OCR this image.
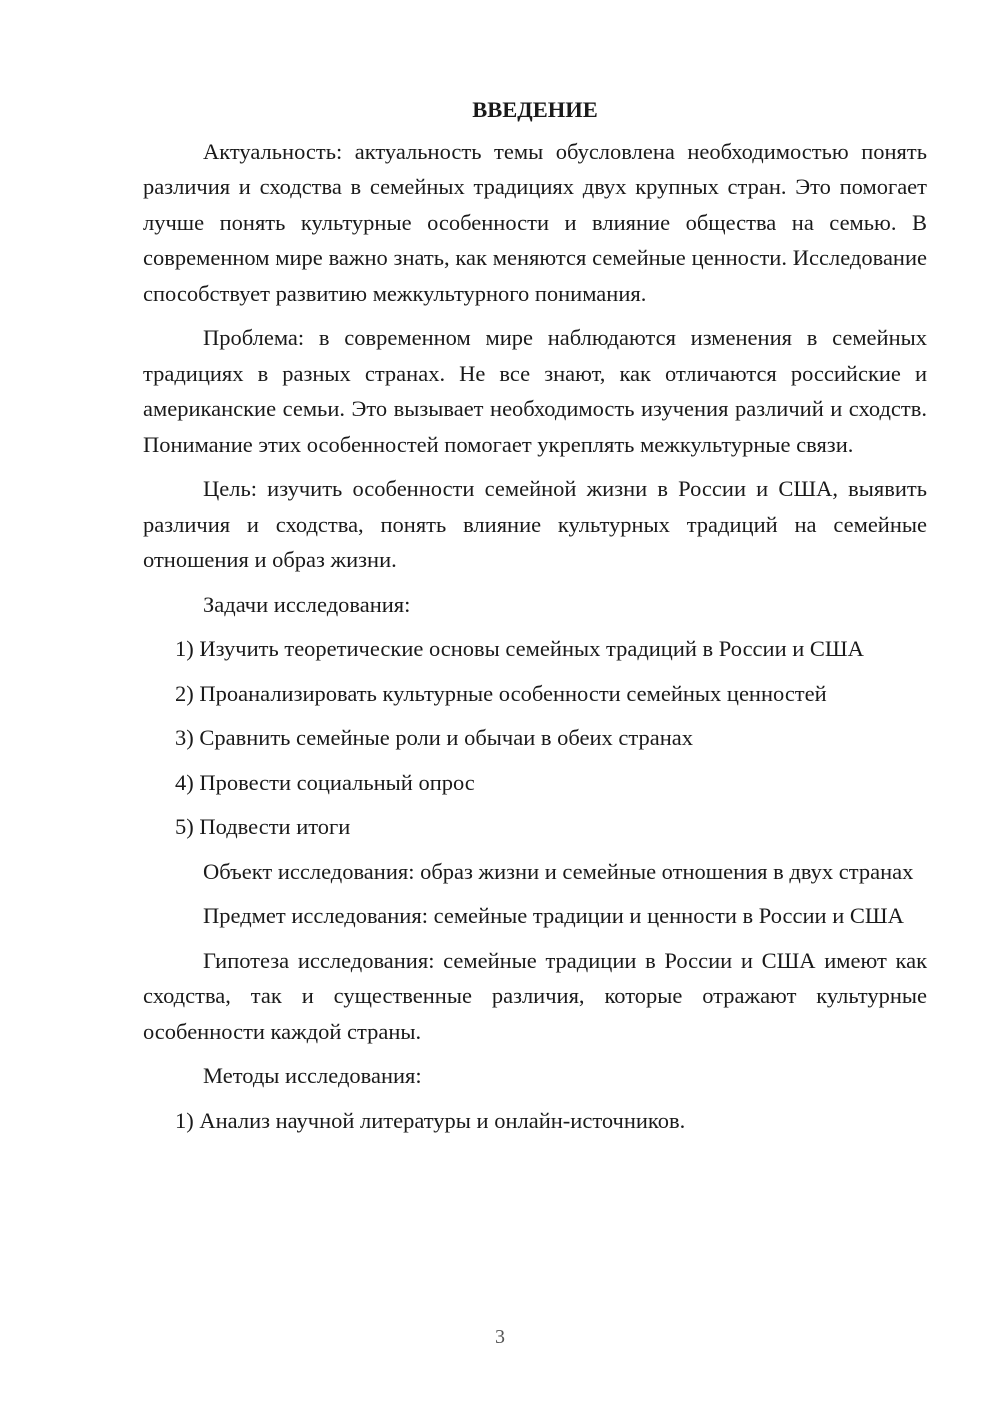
ВВЕДЕНИЕ

Актуальность: актуальность темы обусловлена необходимостью понять различия и сходства в семейных традициях двух крупных стран. Это помогает лучше понять культурные особенности и влияние общества на семью. В современном мире важно знать, как меняются семейные ценности. Исследование способствует развитию межкультурного понимания.

Проблема: в современном мире наблюдаются изменения в семейных традициях в разных странах. Не все знают, как отличаются российские и американские семьи. Это вызывает необходимость изучения различий и сходств. Понимание этих особенностей помогает укреплять межкультурные связи.

Цель: изучить особенности семейной жизни в России и США, выявить различия и сходства, понять влияние культурных традиций на семейные отношения и образ жизни.

Задачи исследования:

1) Изучить теоретические основы семейных традиций в России и США
2) Проанализировать культурные особенности семейных ценностей
3) Сравнить семейные роли и обычаи в обеих странах
4) Провести социальный опрос
5) Подвести итоги

Объект исследования: образ жизни и семейные отношения в двух странах

Предмет исследования: семейные традиции и ценности в России и США

Гипотеза исследования: семейные традиции в России и США имеют как сходства, так и существенные различия, которые отражают культурные особенности каждой страны.

Методы исследования:

1) Анализ научной литературы и онлайн-источников.
3
